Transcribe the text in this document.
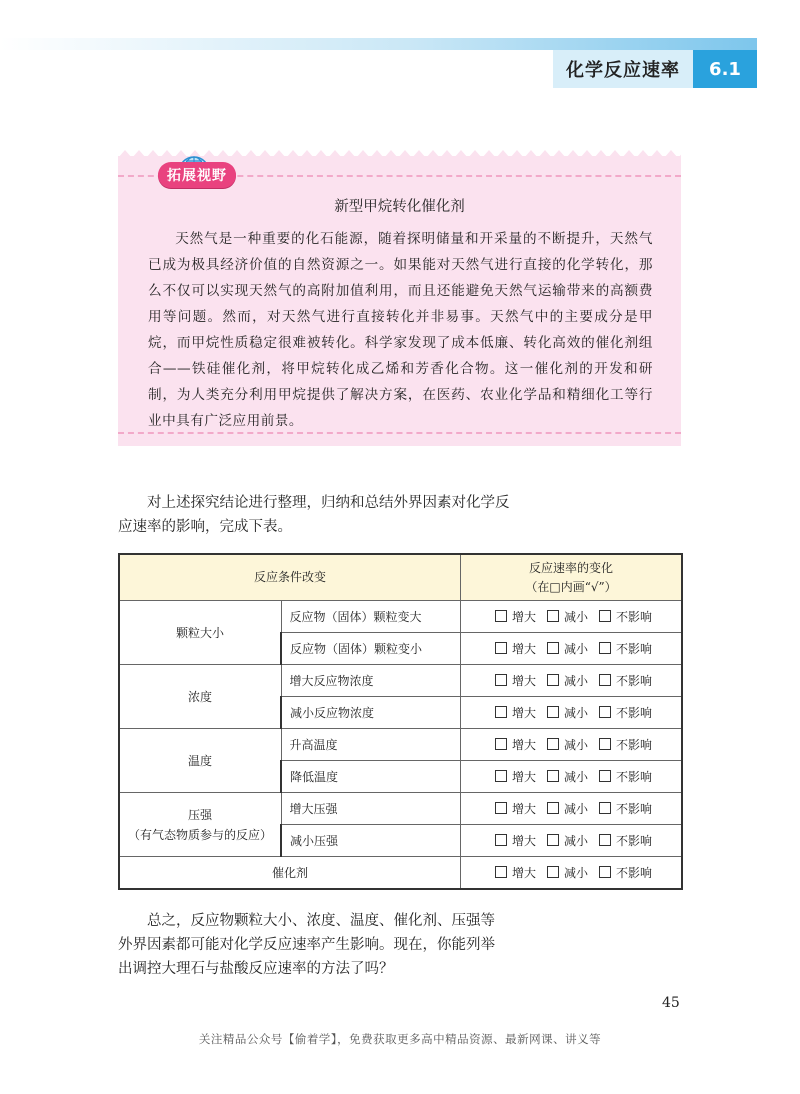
化学反应速率	6.1
拓展视野
新型甲烷转化催化剂

天然气是一种重要的化石能源，随着探明储量和开采量的不断提升，天然气已成为极具经济价值的自然资源之一。如果能对天然气进行直接的化学转化，那么不仅可以实现天然气的高附加值利用，而且还能避免天然气运输带来的高额费用等问题。然而，对天然气进行直接转化并非易事。天然气中的主要成分是甲烷，而甲烷性质稳定很难被转化。科学家发现了成本低廉、转化高效的催化剂组合——铁硅催化剂，将甲烷转化成乙烯和芳香化合物。这一催化剂的开发和研制，为人类充分利用甲烷提供了解决方案，在医药、农业化学品和精细化工等行业中具有广泛应用前景。

对上述探究结论进行整理，归纳和总结外界因素对化学反应速率的影响，完成下表。

反应条件改变		反应速率的变化
（在□内画“√”）
颗粒大小	反应物（固体）颗粒变大	增大 减小 不影响
	反应物（固体）颗粒变小	增大 减小 不影响
浓度	增大反应物浓度	增大 减小 不影响
	减小反应物浓度	增大 减小 不影响
温度	升高温度	增大 减小 不影响
	降低温度	增大 减小 不影响
压强
（有气态物质参与的反应）	增大压强	增大 减小 不影响
	减小压强	增大 减小 不影响
催化剂		增大 减小 不影响

总之，反应物颗粒大小、浓度、温度、催化剂、压强等外界因素都可能对化学反应速率产生影响。现在，你能列举出调控大理石与盐酸反应速率的方法了吗？

45
关注精品公众号【偷着学】，免费获取更多高中精品资源、最新网课、讲义等
